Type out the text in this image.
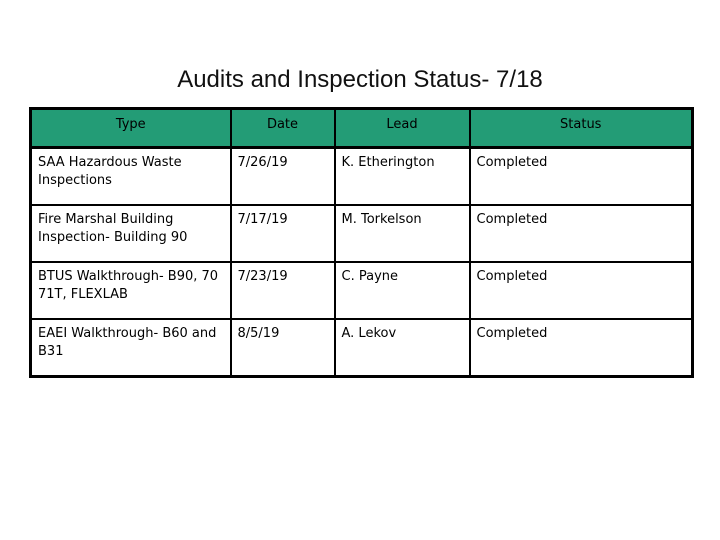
Audits and Inspection Status- 7/18
Type	Date	Lead	Status
SAA Hazardous Waste Inspections	7/26/19	K. Etherington	Completed
Fire Marshal Building Inspection- Building 90	7/17/19	M. Torkelson	Completed
BTUS Walkthrough- B90, 70 71T, FLEXLAB	7/23/19	C. Payne	Completed
EAEI Walkthrough- B60 and B31	8/5/19	A. Lekov	Completed
